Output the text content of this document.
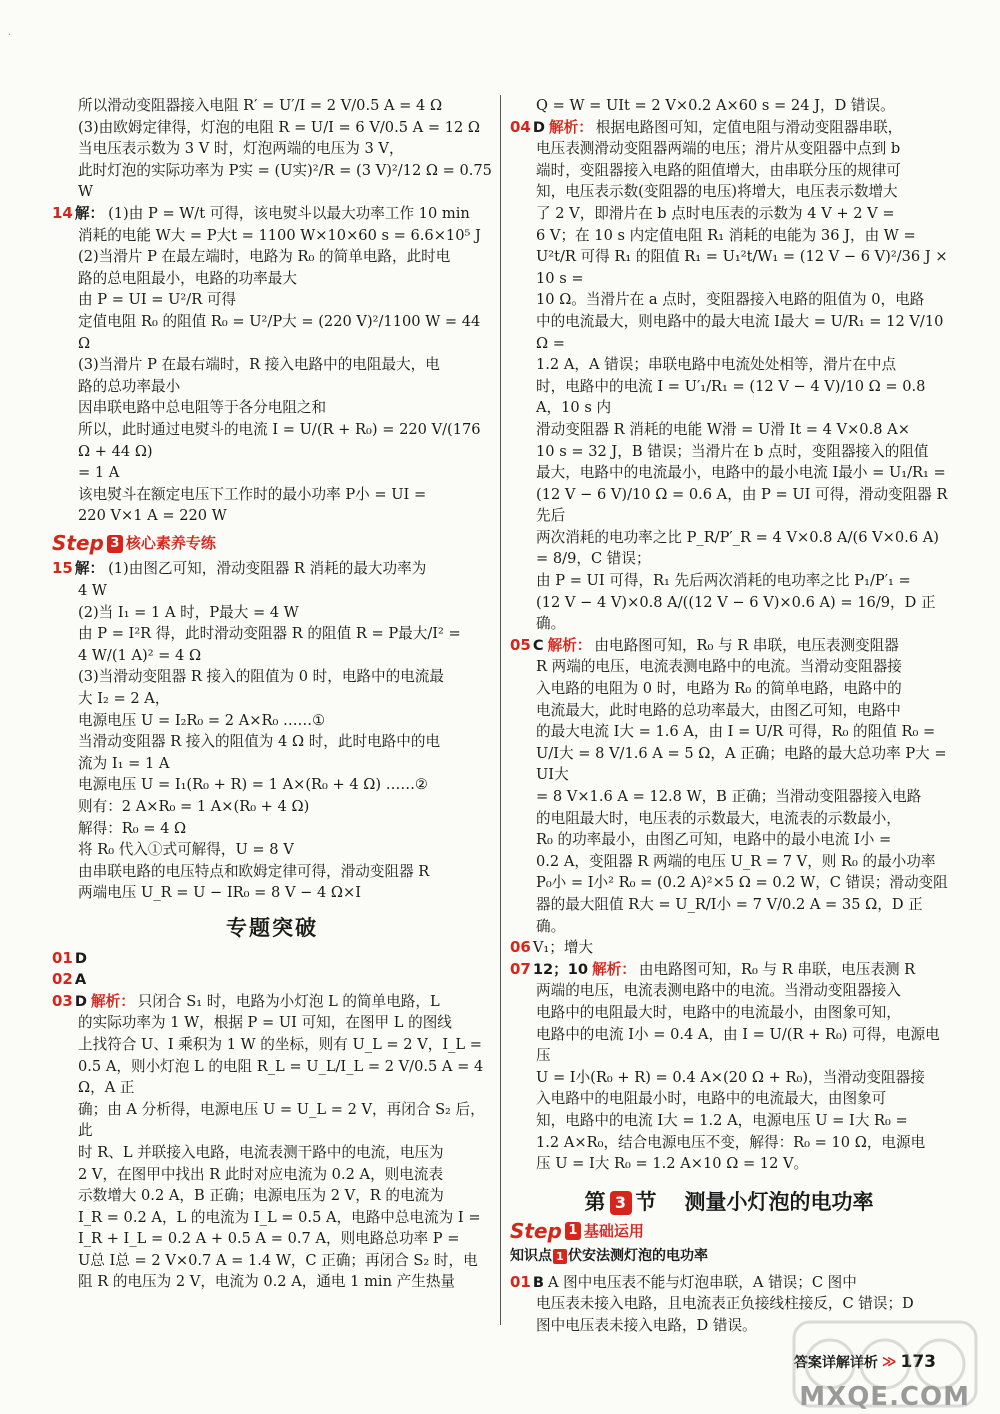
·

所以滑动变阻器接入电阻 R′ = U′/I = 2 V/0.5 A = 4 Ω

(3)由欧姆定律得，灯泡的电阻 R = U/I = 6 V/0.5 A = 12 Ω

当电压表示数为 3 V 时，灯泡两端的电压为 3 V，

此时灯泡的实际功率为 P实 = (U实)²/R = (3 V)²/12 Ω = 0.75 W

14 解： (1)由 P = W/t 可得，该电熨斗以最大功率工作 10 min

消耗的电能 W大 = P大t = 1100 W×10×60 s = 6.6×10⁵ J

(2)当滑片 P 在最左端时，电路为 R₀ 的简单电路，此时电

路的总电阻最小，电路的功率最大

由 P = UI = U²/R 可得

定值电阻 R₀ 的阻值 R₀ = U²/P大 = (220 V)²/1100 W = 44 Ω

(3)当滑片 P 在最右端时，R 接入电路中的电阻最大，电

路的总功率最小

因串联电路中总电阻等于各分电阻之和

所以，此时通过电熨斗的电流 I = U/(R + R₀) = 220 V/(176 Ω + 44 Ω)

= 1 A

该电熨斗在额定电压下工作时的最小功率 P小 = UI =

220 V×1 A = 220 W

Step 3 核心素养专练

15 解： (1)由图乙可知，滑动变阻器 R 消耗的最大功率为

4 W

(2)当 I₁ = 1 A 时，P最大 = 4 W

由 P = I²R 得，此时滑动变阻器 R 的阻值 R = P最大/I² =

4 W/(1 A)² = 4 Ω

(3)当滑动变阻器 R 接入的阻值为 0 时，电路中的电流最

大 I₂ = 2 A，

电源电压 U = I₂R₀ = 2 A×R₀ ……①

当滑动变阻器 R 接入的阻值为 4 Ω 时，此时电路中的电

流为 I₁ = 1 A

电源电压 U = I₁(R₀ + R) = 1 A×(R₀ + 4 Ω) ……②

则有：2 A×R₀ = 1 A×(R₀ + 4 Ω)

解得：R₀ = 4 Ω

将 R₀ 代入①式可解得，U = 8 V

由串联电路的电压特点和欧姆定律可得，滑动变阻器 R

两端电压 U_R = U − IR₀ = 8 V − 4 Ω×I

专题突破

01 D

02 A

03 D 解析： 只闭合 S₁ 时，电路为小灯泡 L 的简单电路，L

的实际功率为 1 W，根据 P = UI 可知，在图甲 L 的图线

上找符合 U、I 乘积为 1 W 的坐标，则有 U_L = 2 V，I_L =

0.5 A，则小灯泡 L 的电阻 R_L = U_L/I_L = 2 V/0.5 A = 4 Ω，A 正

确；由 A 分析得，电源电压 U = U_L = 2 V，再闭合 S₂ 后，此

时 R、L 并联接入电路，电流表测干路中的电流，电压为

2 V，在图甲中找出 R 此时对应电流为 0.2 A，则电流表

示数增大 0.2 A，B 正确；电源电压为 2 V，R 的电流为

I_R = 0.2 A，L 的电流为 I_L = 0.5 A，电路中总电流为 I =

I_R + I_L = 0.2 A + 0.5 A = 0.7 A，则电路总功率 P =

U总 I总 = 2 V×0.7 A = 1.4 W，C 正确；再闭合 S₂ 时，电

阻 R 的电压为 2 V，电流为 0.2 A，通电 1 min 产生热量

Q = W = UIt = 2 V×0.2 A×60 s = 24 J，D 错误。

04 D 解析： 根据电路图可知，定值电阻与滑动变阻器串联，

电压表测滑动变阻器两端的电压；滑片从变阻器中点到 b

端时，变阻器接入电路的阻值增大，由串联分压的规律可

知，电压表示数(变阻器的电压)将增大，电压表示数增大

了 2 V，即滑片在 b 点时电压表的示数为 4 V + 2 V =

6 V；在 10 s 内定值电阻 R₁ 消耗的电能为 36 J，由 W =

U²t/R 可得 R₁ 的阻值 R₁ = U₁²t/W₁ = (12 V − 6 V)²/36 J × 10 s =

10 Ω。当滑片在 a 点时，变阻器接入电路的阻值为 0，电路

中的电流最大，则电路中的最大电流 I最大 = U/R₁ = 12 V/10 Ω =

1.2 A，A 错误；串联电路中电流处处相等，滑片在中点

时，电路中的电流 I = U′₁/R₁ = (12 V − 4 V)/10 Ω = 0.8 A，10 s 内

滑动变阻器 R 消耗的电能 W滑 = U滑 It = 4 V×0.8 A×

10 s = 32 J，B 错误；当滑片在 b 点时，变阻器接入的阻值

最大，电路中的电流最小，电路中的最小电流 I最小 = U₁/R₁ =

(12 V − 6 V)/10 Ω = 0.6 A，由 P = UI 可得，滑动变阻器 R 先后

两次消耗的电功率之比 P_R/P′_R = 4 V×0.8 A/(6 V×0.6 A) = 8/9，C 错误；

由 P = UI 可得，R₁ 先后两次消耗的电功率之比 P₁/P′₁ =

(12 V − 4 V)×0.8 A/((12 V − 6 V)×0.6 A) = 16/9，D 正确。

05 C 解析： 由电路图可知，R₀ 与 R 串联，电压表测变阻器

R 两端的电压，电流表测电路中的电流。当滑动变阻器接

入电路的电阻为 0 时，电路为 R₀ 的简单电路，电路中的

电流最大，此时电路的总功率最大，由图乙可知，电路中

的最大电流 I大 = 1.6 A，由 I = U/R 可得，R₀ 的阻值 R₀ =

U/I大 = 8 V/1.6 A = 5 Ω，A 正确；电路的最大总功率 P大 = UI大

= 8 V×1.6 A = 12.8 W，B 正确；当滑动变阻器接入电路

的电阻最大时，电压表的示数最大，电流表的示数最小，

R₀ 的功率最小，由图乙可知，电路中的最小电流 I小 =

0.2 A，变阻器 R 两端的电压 U_R = 7 V，则 R₀ 的最小功率

P₀小 = I小² R₀ = (0.2 A)²×5 Ω = 0.2 W，C 错误；滑动变阻

器的最大阻值 R大 = U_R/I小 = 7 V/0.2 A = 35 Ω，D 正确。

06 V₁；增大

07 12；10 解析： 由电路图可知，R₀ 与 R 串联，电压表测 R

两端的电压，电流表测电路中的电流。当滑动变阻器接入

电路中的电阻最大时，电路中的电流最小，由图象可知，

电路中的电流 I小 = 0.4 A，由 I = U/(R + R₀) 可得，电源电压

U = I小(R₀ + R) = 0.4 A×(20 Ω + R₀)，当滑动变阻器接

入电路中的电阻最小时，电路中的电流最大，由图象可

知，电路中的电流 I大 = 1.2 A，电源电压 U = I大 R₀ =

1.2 A×R₀，结合电源电压不变，解得：R₀ = 10 Ω，电源电

压 U = I大 R₀ = 1.2 A×10 Ω = 12 V。

第 3 节 测量小灯泡的电功率
Step 1 基础运用
知识点 1 伏安法测灯泡的电功率

01 B A 图中电压表不能与灯泡串联，A 错误；C 图中

电压表未接入电路，且电流表正负接线柱接反，C 错误；D

图中电压表未接入电路，D 错误。

答案详解详析 ≫ 173
MXQE.COM
